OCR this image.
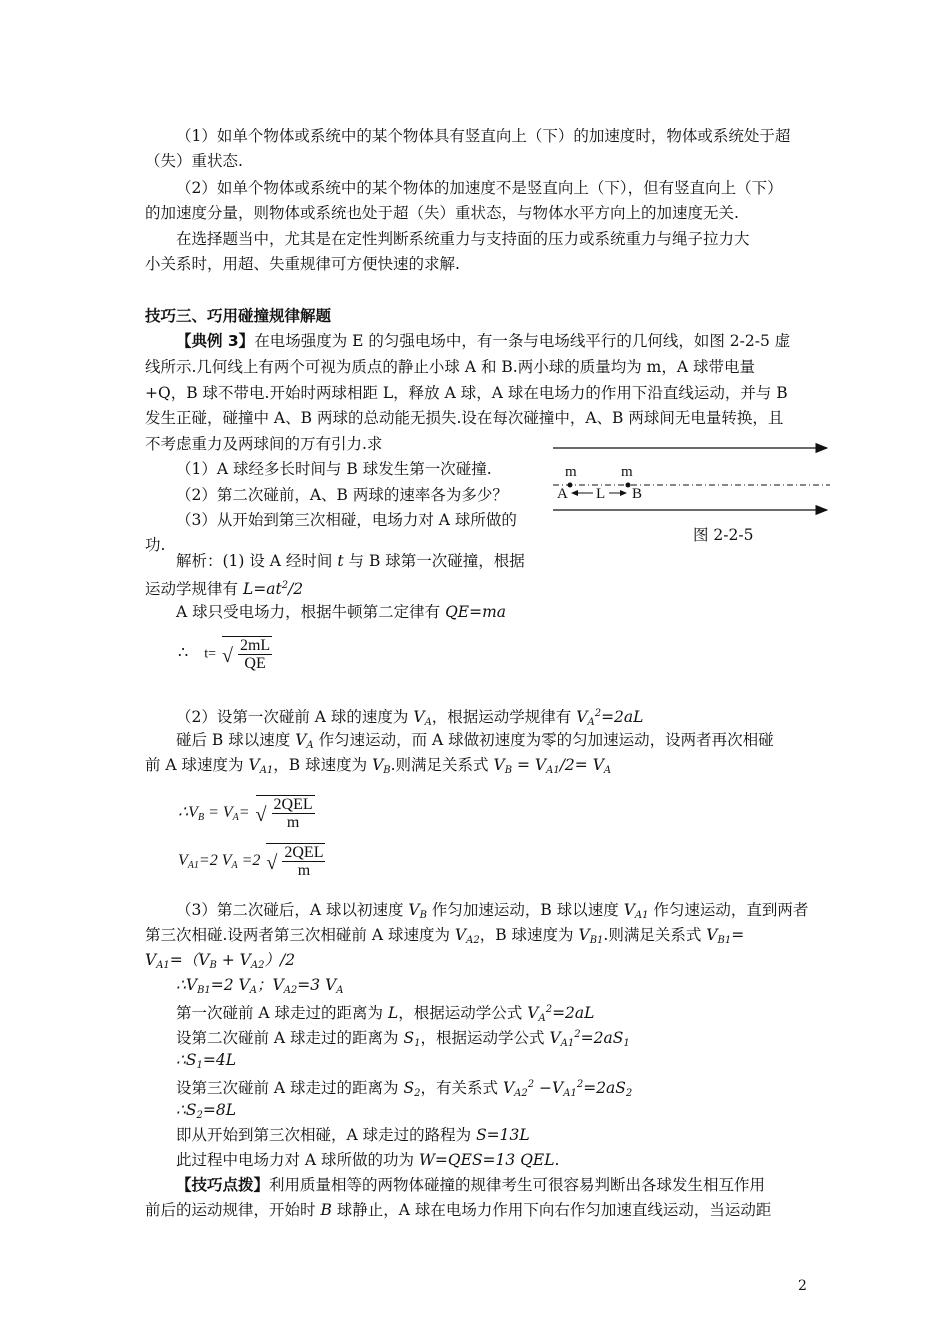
（1）如单个物体或系统中的某个物体具有竖直向上（下）的加速度时，物体或系统处于超
（失）重状态.
（2）如单个物体或系统中的某个物体的加速度不是竖直向上（下），但有竖直向上（下）
的加速度分量，则物体或系统也处于超（失）重状态，与物体水平方向上的加速度无关.
在选择题当中，尤其是在定性判断系统重力与支持面的压力或系统重力与绳子拉力大
小关系时，用超、失重规律可方便快速的求解.
技巧三、巧用碰撞规律解题
【典例 3】在电场强度为 E 的匀强电场中，有一条与电场线平行的几何线，如图 2-2-5 虚
线所示.几何线上有两个可视为质点的静止小球 A 和 B.两小球的质量均为 m，A 球带电量
+Q，B 球不带电.开始时两球相距 L，释放 A 球，A 球在电场力的作用下沿直线运动，并与 B
发生正碰，碰撞中 A、B 两球的总动能无损失.设在每次碰撞中，A、B 两球间无电量转换，且
不考虑重力及两球间的万有引力.求
（1）A 球经多长时间与 B 球发生第一次碰撞.
（2）第二次碰前，A、B 两球的速率各为多少？
（3）从开始到第三次相碰，电场力对 A 球所做的
功.
m	m
A	B
L
图 2-2-5
解析：(1) 设 A 经时间 t 与 B 球第一次碰撞，根据
运动学规律有 $L=at^2/2$
A 球只受电场力，根据牛顿第二定律有 QE=ma
∴ t= √ $\frac{2mL}{QE}$
（2）设第一次碰前 A 球的速度为 $V_A$，根据运动学规律有 $V_A^2=2aL$
碰后 B 球以速度 $V_A$ 作匀速运动，而 A 球做初速度为零的匀加速运动，设两者再次相碰
前 A 球速度为 $V_{A1}$，B 球速度为 $V_B$.则满足关系式 $V_B = V_{A1}/2= V_A$
$\therefore V_B = V_A=$ √ $\frac{\text{2QEL}}{m}$
$V_{A1}=2$ $V_A =2$ √ $\frac{\text{2QEL}}{m}$
（3）第二次碰后，A 球以初速度 $V_B$ 作匀加速运动，B 球以速度 $V_{A1}$ 作匀速运动，直到两者
第三次相碰.设两者第三次相碰前 A 球速度为 $V_{A2}$，B 球速度为 $V_{B1}$.则满足关系式 $V_{B1}=$
$V_{A1}=(V_B + V_{A2})/2$
$\therefore V_{B1}=2$ $V_A$；$V_{A2}=3$ $V_A$
第一次碰前 A 球走过的距离为 L，根据运动学公式 $V_A^2=2aL$
设第二次碰前 A 球走过的距离为 $S_1$，根据运动学公式 $V_{A1}^2=2aS_1$
$\therefore S_1=4L$
设第三次碰前 A 球走过的距离为 $S_2$，有关系式 $V_{A2}^2 -V_{A1}^2=2aS_2$
$\therefore S_2=8L$
即从开始到第三次相碰，A 球走过的路程为 S=13L
此过程中电场力对 A 球所做的功为 W=QES=13 QEL.
【技巧点拨】利用质量相等的两物体碰撞的规律考生可很容易判断出各球发生相互作用
前后的运动规律，开始时 B 球静止，A 球在电场力作用下向右作匀加速直线运动，当运动距
2
